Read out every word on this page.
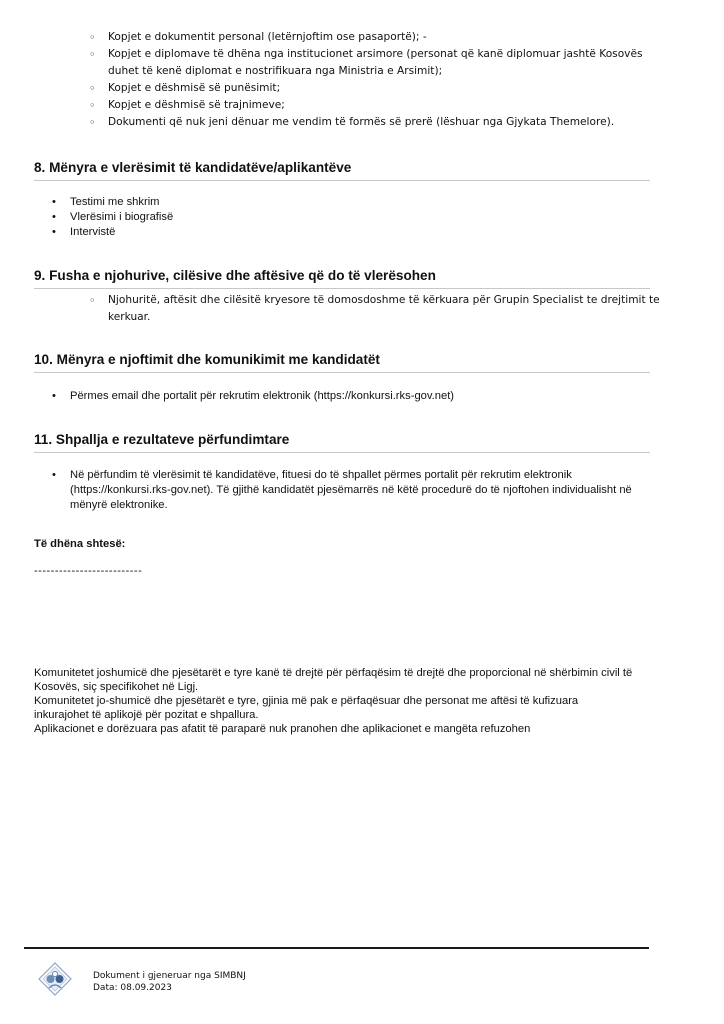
◦ Kopjet e dokumentit personal (letërnjoftim ose pasaportë); -
◦ Kopjet e diplomave të dhëna nga institucionet arsimore (personat që kanë diplomuar jashtë Kosovës duhet të kenë diplomat e nostrifikuara nga Ministria e Arsimit);
◦ Kopjet e dëshmisë së punësimit;
◦ Kopjet e dëshmisë së trajnimeve;
◦ Dokumenti që nuk jeni dënuar me vendim të formës së prerë (lëshuar nga Gjykata Themelore).
8. Mënyra e vlerësimit të kandidatëve/aplikantëve
• Testimi me shkrim
• Vlerësimi i biografisë
• Intervistë
9. Fusha e njohurive, cilësive dhe aftësive që do të vlerësohen
◦ Njohuritë, aftësit dhe cilësitë kryesore të domosdoshme të kërkuara për Grupin Specialist te drejtimit te kerkuar.
10. Mënyra e njoftimit dhe komunikimit me kandidatët
• Përmes email dhe portalit për rekrutim elektronik (https://konkursi.rks-gov.net)
11. Shpallja e rezultateve përfundimtare
• Në përfundim të vlerësimit të kandidatëve, fituesi do të shpallet përmes portalit për rekrutim elektronik (https://konkursi.rks-gov.net). Të gjithë kandidatët pjesëmarrës në këtë procedurë do të njoftohen individualisht në mënyrë elektronike.
Të dhëna shtesë:
--------------------------
Komunitetet joshumicë dhe pjesëtarët e tyre kanë të drejtë për përfaqësim të drejtë dhe proporcional në shërbimin civil të Kosovës, siç specifikohet në Ligj.
Komunitetet jo-shumicë dhe pjesëtarët e tyre, gjinia më pak e përfaqësuar dhe personat me aftësi të kufizuara inkurajohet të aplikojë për pozitat e shpallura.
Aplikacionet e dorëzuara pas afatit të paraparë nuk pranohen dhe aplikacionet e mangëta refuzohen
Dokument i gjeneruar nga SIMBNJ
Data: 08.09.2023
